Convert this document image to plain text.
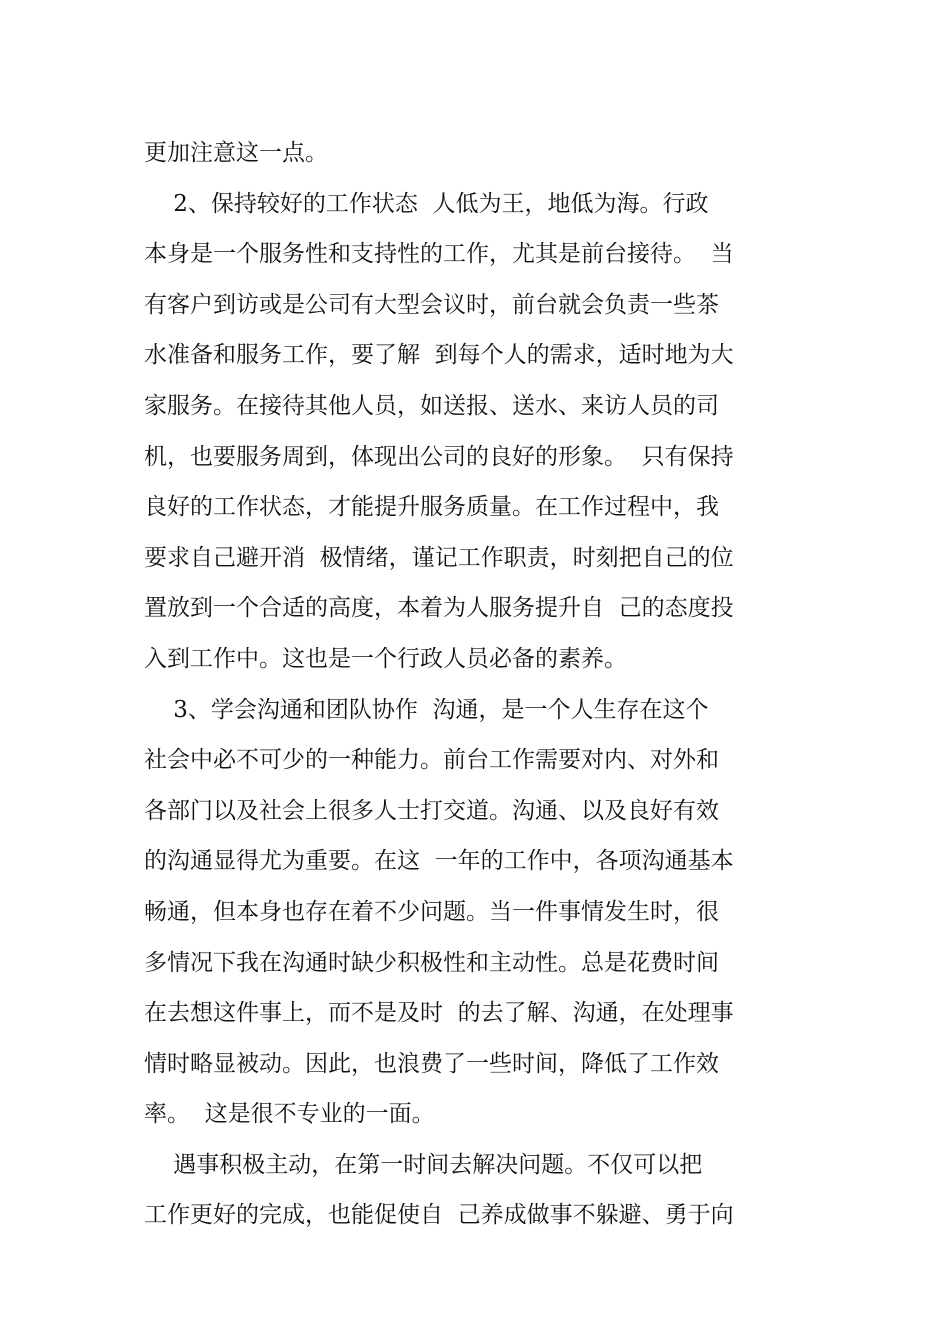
更加注意这一点。
2、保持较好的工作状态  人低为王，地低为海。行政
本身是一个服务性和支持性的工作，尤其是前台接待。  当
有客户到访或是公司有大型会议时，前台就会负责一些茶
水准备和服务工作，要了解  到每个人的需求，适时地为大
家服务。在接待其他人员，如送报、送水、来访人员的司
机，也要服务周到，体现出公司的良好的形象。  只有保持
良好的工作状态，才能提升服务质量。在工作过程中，我
要求自己避开消  极情绪，谨记工作职责，时刻把自己的位
置放到一个合适的高度，本着为人服务提升自  己的态度投
入到工作中。这也是一个行政人员必备的素养。
3、学会沟通和团队协作  沟通，是一个人生存在这个
社会中必不可少的一种能力。前台工作需要对内、对外和
各部门以及社会上很多人士打交道。沟通、以及良好有效
的沟通显得尤为重要。在这  一年的工作中，各项沟通基本
畅通，但本身也存在着不少问题。当一件事情发生时，很
多情况下我在沟通时缺少积极性和主动性。总是花费时间
在去想这件事上，而不是及时  的去了解、沟通，在处理事
情时略显被动。因此，也浪费了一些时间，降低了工作效
率。  这是很不专业的一面。
遇事积极主动，在第一时间去解决问题。不仅可以把
工作更好的完成，也能促使自  己养成做事不躲避、勇于向
